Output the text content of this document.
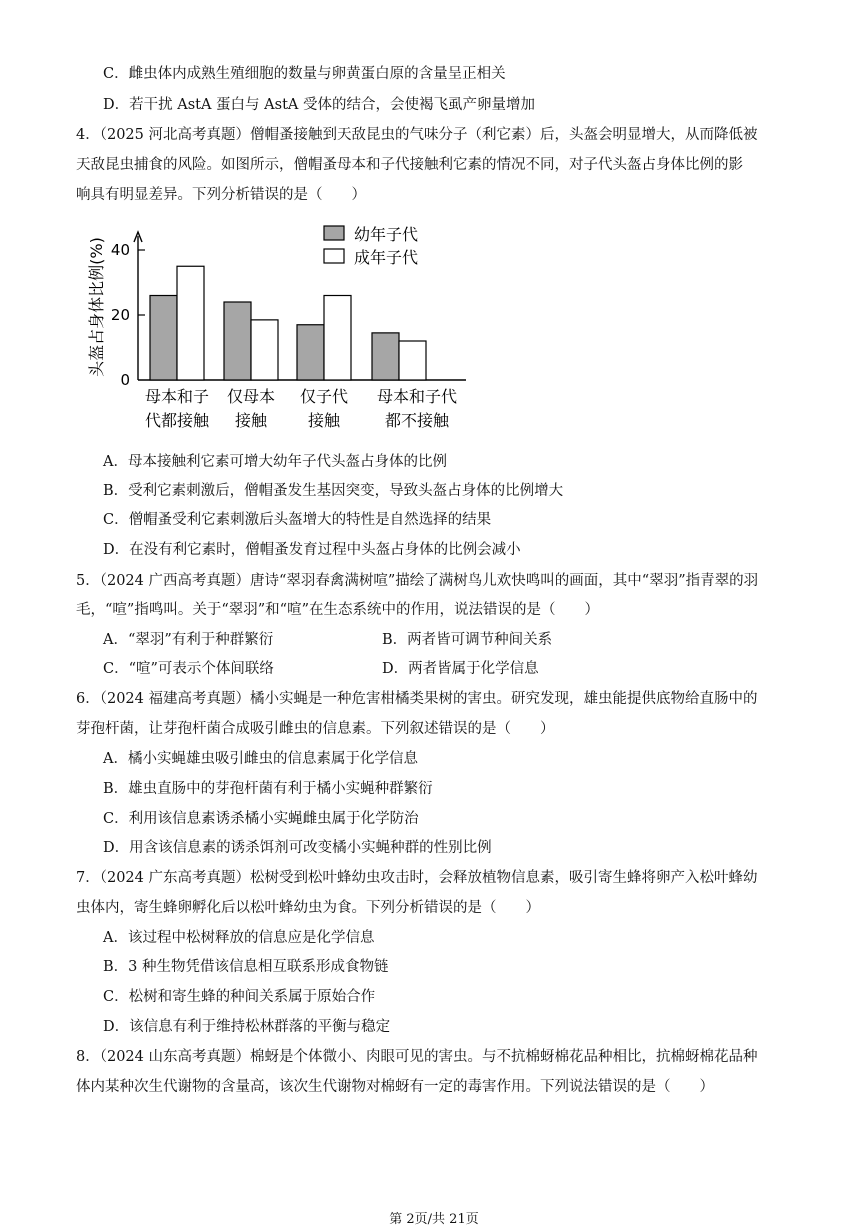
C．雌虫体内成熟生殖细胞的数量与卵黄蛋白原的含量呈正相关
D．若干扰 AstA 蛋白与 AstA 受体的结合，会使褐飞虱产卵量增加
4．（2025 河北高考真题）僧帽蚤接触到天敌昆虫的气味分子（利它素）后，头盔会明显增大，从而降低被
天敌昆虫捕食的风险。如图所示，僧帽蚤母本和子代接触利它素的情况不同，对子代头盔占身体比例的影
响具有明显差异。下列分析错误的是（　　）
0
20
40
头盔占身体比例(%)
母本和子
代都接触
仅母本
接触
仅子代
接触
母本和子代
都不接触
幼年子代
成年子代
A．母本接触利它素可增大幼年子代头盔占身体的比例
B．受利它素刺激后，僧帽蚤发生基因突变，导致头盔占身体的比例增大
C．僧帽蚤受利它素刺激后头盔增大的特性是自然选择的结果
D．在没有利它素时，僧帽蚤发育过程中头盔占身体的比例会减小
5．（2024 广西高考真题）唐诗“翠羽春禽满树喧”描绘了满树鸟儿欢快鸣叫的画面，其中“翠羽”指青翠的羽
毛，“喧”指鸣叫。关于“翠羽”和“喧”在生态系统中的作用，说法错误的是（　　）
A．“翠羽”有利于种群繁衍	B．两者皆可调节种间关系
C．“喧”可表示个体间联络	D．两者皆属于化学信息
6．（2024 福建高考真题）橘小实蝇是一种危害柑橘类果树的害虫。研究发现，雄虫能提供底物给直肠中的
芽孢杆菌，让芽孢杆菌合成吸引雌虫的信息素。下列叙述错误的是（　　）
A．橘小实蝇雄虫吸引雌虫的信息素属于化学信息
B．雄虫直肠中的芽孢杆菌有利于橘小实蝇种群繁衍
C．利用该信息素诱杀橘小实蝇雌虫属于化学防治
D．用含该信息素的诱杀饵剂可改变橘小实蝇种群的性别比例
7．（2024 广东高考真题）松树受到松叶蜂幼虫攻击时，会释放植物信息素，吸引寄生蜂将卵产入松叶蜂幼
虫体内，寄生蜂卵孵化后以松叶蜂幼虫为食。下列分析错误的是（　　）
A．该过程中松树释放的信息应是化学信息
B．3 种生物凭借该信息相互联系形成食物链
C．松树和寄生蜂的种间关系属于原始合作
D．该信息有利于维持松林群落的平衡与稳定
8．（2024 山东高考真题）棉蚜是个体微小、肉眼可见的害虫。与不抗棉蚜棉花品种相比，抗棉蚜棉花品种
体内某种次生代谢物的含量高，该次生代谢物对棉蚜有一定的毒害作用。下列说法错误的是（　　）
第 2页/共 21页
